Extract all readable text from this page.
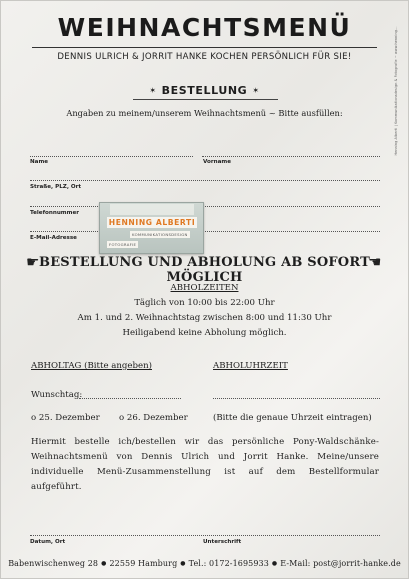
Henning Alberti | Kommunikationsdesign & Fotografie ~ www.henning...
WEIHNACHTSMENÜ
DENNIS ULRICH & JORRIT HANKE KOCHEN PERSÖNLICH FÜR SIE!
✶ BESTELLUNG ✶
Angaben zu meinem/unserem Weihnachtsmenü ~ Bitte ausfüllen:
Name	Vorname
Straße, PLZ, Ort
Telefonnummer
E-Mail-Adresse
HENNING ALBERTI
KOMMUNIKATIONSDESIGN
FOTOGRAFIE
☛ BESTELLUNG UND ABHOLUNG AB SOFORT MÖGLICH
☚
ABHOLZEITEN
Täglich von 10:00 bis 22:00 Uhr
Am 1. und 2. Weihnachtstag zwischen 8:00 und 11:30 Uhr
Heiligabend keine Abholung möglich.
ABHOLTAG (Bitte angeben)	ABHOLUHRZEIT
Wunschtag:
o 25. Dezember o 26. Dezember	(Bitte die genaue Uhrzeit eintragen)
Hiermit bestelle ich/bestellen wir das persönliche Pony-Waldschänke-Weihnachtsmenü von Dennis Ulrich und Jorrit Hanke. Meine/unsere individuelle Menü-Zusammenstellung ist auf dem Bestellformular aufgeführt.
Datum, Ort	Unterschrift
Babenwischenweg 28 ● 22559 Hamburg ● Tel.: 0172-1695933 ● E-Mail: post@jorrit-hanke.de
